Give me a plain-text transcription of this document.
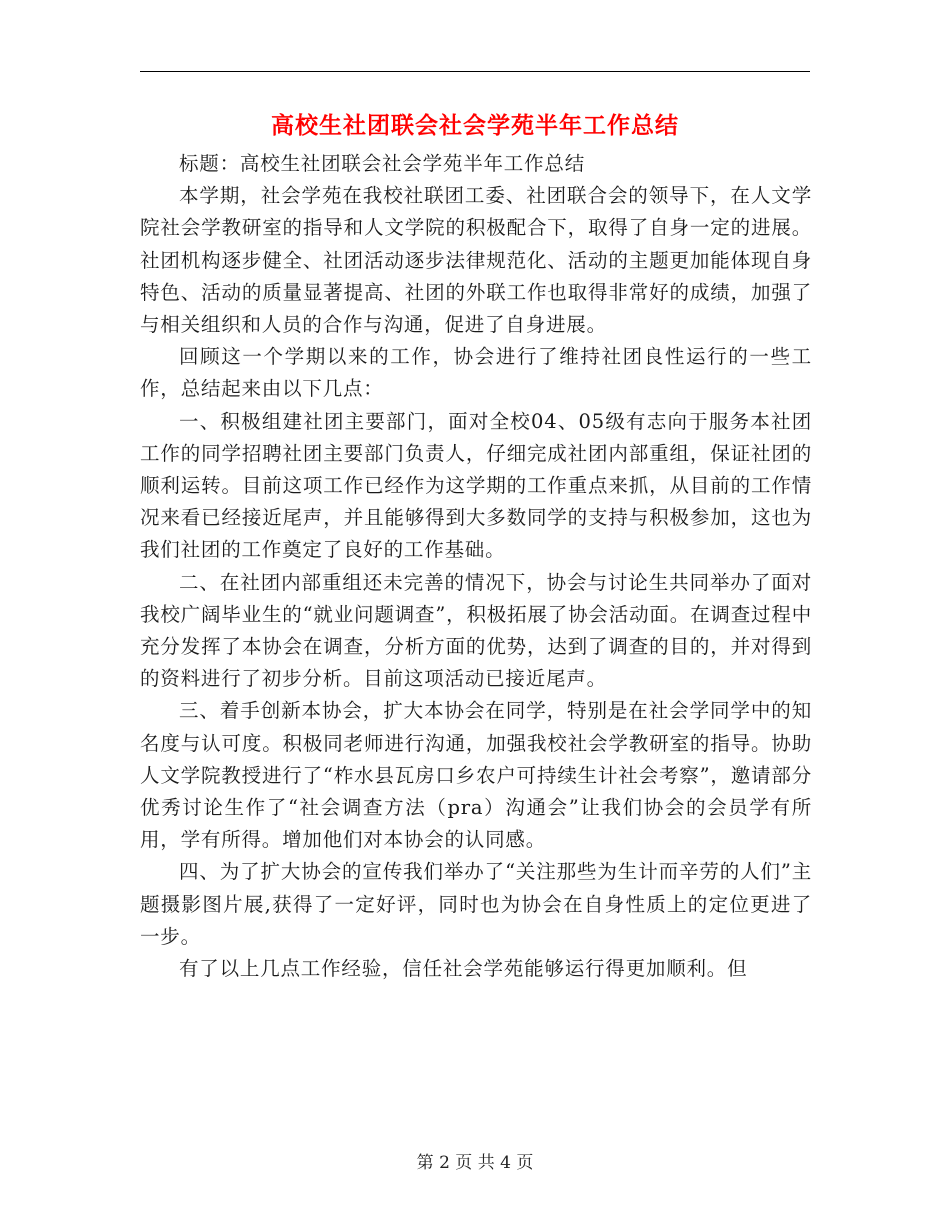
高校生社团联会社会学苑半年工作总结

标题：高校生社团联会社会学苑半年工作总结

本学期，社会学苑在我校社联团工委、社团联合会的领导下，在人文学院社会学教研室的指导和人文学院的积极配合下，取得了自身一定的进展。社团机构逐步健全、社团活动逐步法律规范化、活动的主题更加能体现自身特色、活动的质量显著提高、社团的外联工作也取得非常好的成绩，加强了与相关组织和人员的合作与沟通，促进了自身进展。

回顾这一个学期以来的工作，协会进行了维持社团良性运行的一些工作，总结起来由以下几点：

一、积极组建社团主要部门，面对全校04、05级有志向于服务本社团工作的同学招聘社团主要部门负责人，仔细完成社团内部重组，保证社团的顺利运转。目前这项工作已经作为这学期的工作重点来抓，从目前的工作情况来看已经接近尾声，并且能够得到大多数同学的支持与积极参加，这也为我们社团的工作奠定了良好的工作基础。

二、在社团内部重组还未完善的情况下，协会与讨论生共同举办了面对我校广阔毕业生的“就业问题调查”，积极拓展了协会活动面。在调查过程中充分发挥了本协会在调查，分析方面的优势，达到了调查的目的，并对得到的资料进行了初步分析。目前这项活动已接近尾声。

三、着手创新本协会，扩大本协会在同学，特别是在社会学同学中的知名度与认可度。积极同老师进行沟通，加强我校社会学教研室的指导。协助人文学院教授进行了“柞水县瓦房口乡农户可持续生计社会考察”，邀请部分优秀讨论生作了“社会调查方法（pra）沟通会”让我们协会的会员学有所用，学有所得。增加他们对本协会的认同感。

四、为了扩大协会的宣传我们举办了“关注那些为生计而辛劳的人们”主题摄影图片展,获得了一定好评，同时也为协会在自身性质上的定位更进了一步。

有了以上几点工作经验，信任社会学苑能够运行得更加顺利。但

第 2 页 共 4 页
